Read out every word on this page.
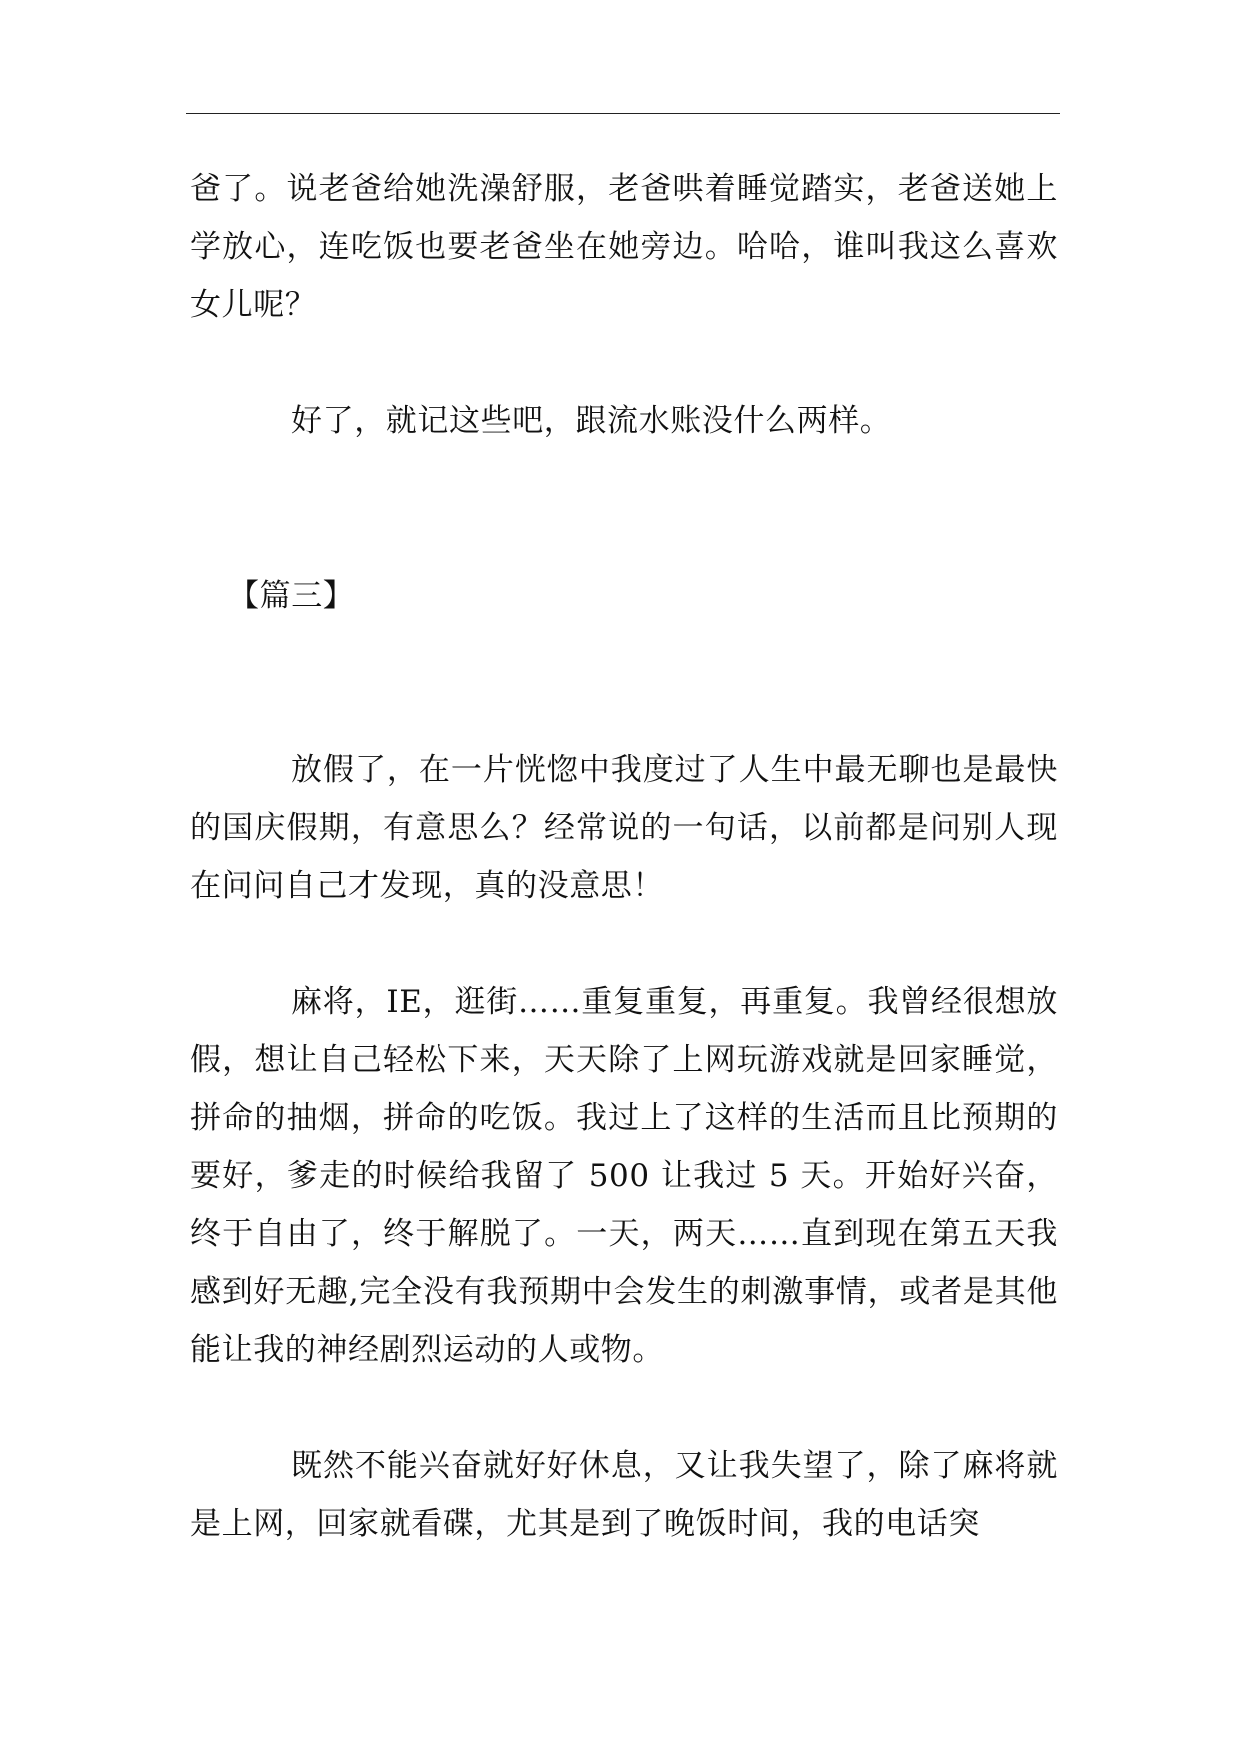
爸了。说老爸给她洗澡舒服，老爸哄着睡觉踏实，老爸送她上学放心，连吃饭也要老爸坐在她旁边。哈哈，谁叫我这么喜欢女儿呢？
好了，就记这些吧，跟流水账没什么两样。
【篇三】
放假了，在一片恍惚中我度过了人生中最无聊也是最快的国庆假期，有意思么？经常说的一句话，以前都是问别人现在问问自己才发现，真的没意思！
麻将，IE，逛街……重复重复，再重复。我曾经很想放假，想让自己轻松下来，天天除了上网玩游戏就是回家睡觉，拼命的抽烟，拼命的吃饭。我过上了这样的生活而且比预期的要好，爹走的时候给我留了 500 让我过 5 天。开始好兴奋，终于自由了，终于解脱了。一天，两天……直到现在第五天我感到好无趣,完全没有我预期中会发生的刺激事情，或者是其他能让我的神经剧烈运动的人或物。
既然不能兴奋就好好休息，又让我失望了，除了麻将就是上网，回家就看碟，尤其是到了晚饭时间，我的电话突
